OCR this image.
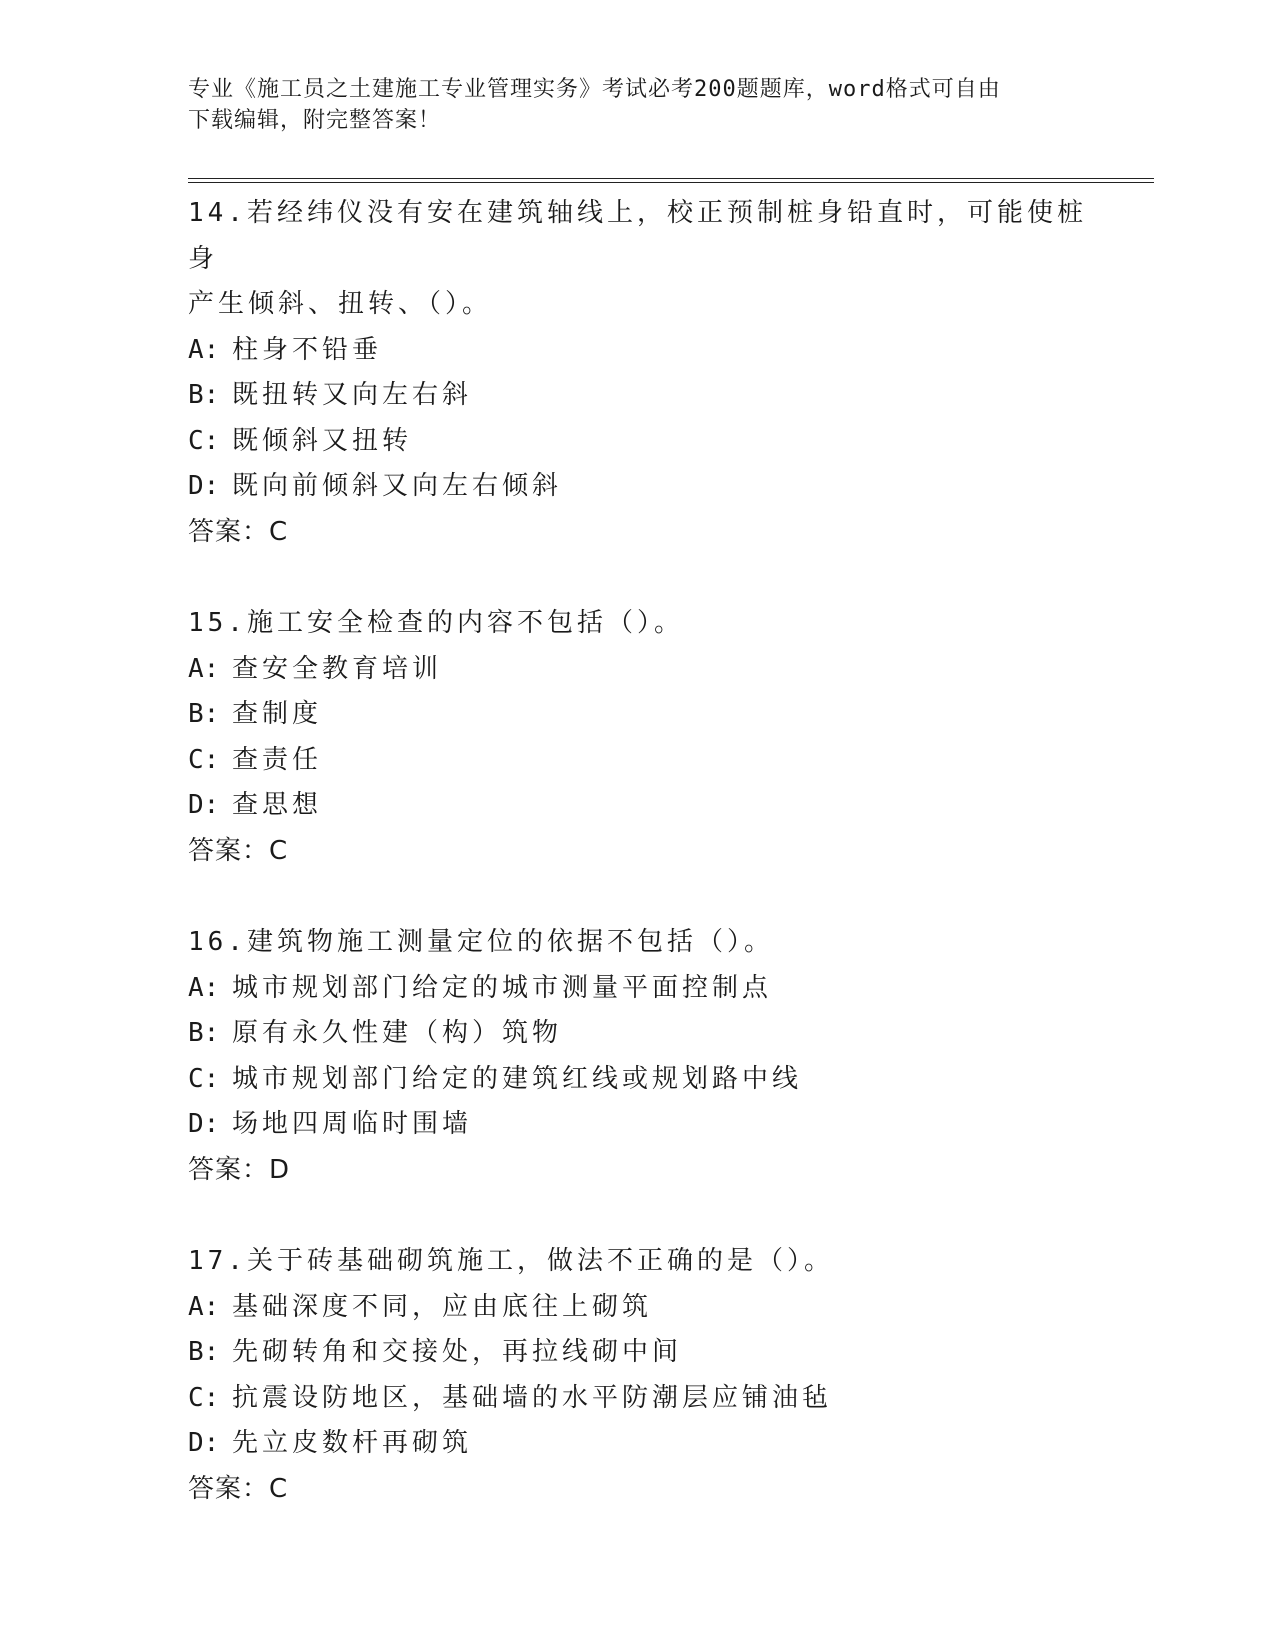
专业《施工员之土建施工专业管理实务》考试必考200题题库，word格式可自由
下载编辑，附完整答案！

14.若经纬仪没有安在建筑轴线上，校正预制桩身铅直时，可能使桩身
产生倾斜、扭转、（）。

A: 柱身不铅垂
B: 既扭转又向左右斜
C: 既倾斜又扭转
D: 既向前倾斜又向左右倾斜

答案：C

15.施工安全检查的内容不包括（）。

A: 查安全教育培训
B: 查制度
C: 查责任
D: 查思想

答案：C

16.建筑物施工测量定位的依据不包括（）。

A: 城市规划部门给定的城市测量平面控制点
B: 原有永久性建（构）筑物
C: 城市规划部门给定的建筑红线或规划路中线
D: 场地四周临时围墙

答案：D

17.关于砖基础砌筑施工，做法不正确的是（）。

A: 基础深度不同，应由底往上砌筑
B: 先砌转角和交接处，再拉线砌中间
C: 抗震设防地区，基础墙的水平防潮层应铺油毡
D: 先立皮数杆再砌筑

答案：C
